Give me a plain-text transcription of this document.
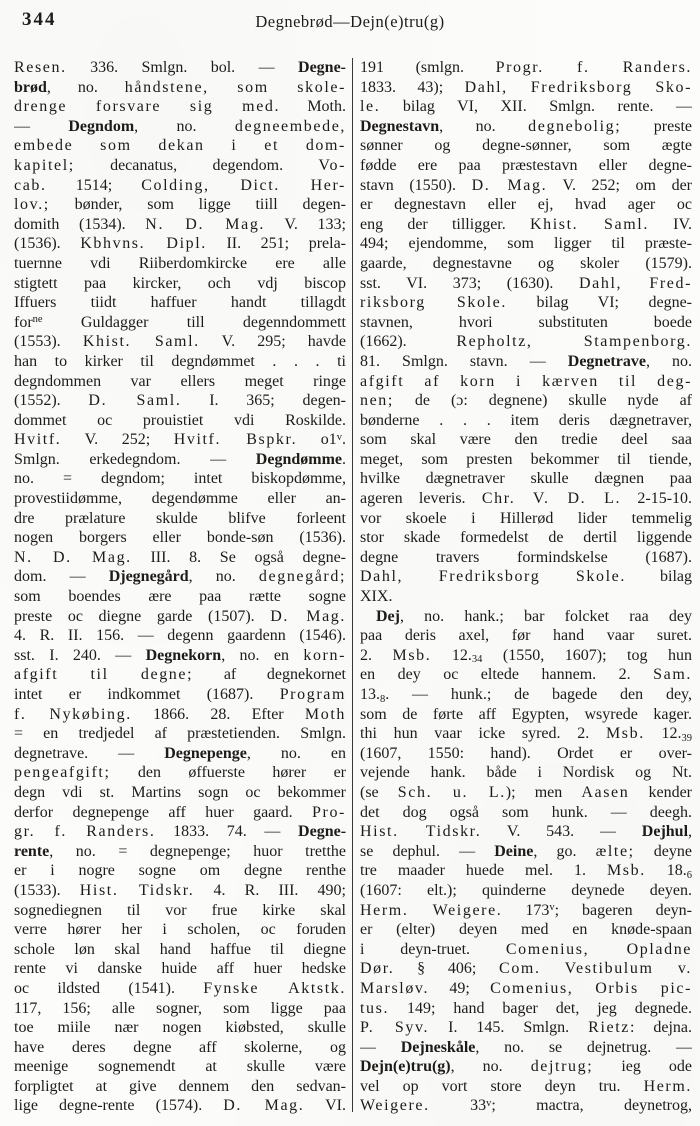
344	Degnebrød—Dejn(e)tru(g)
Resen. 336. Smlgn. bol. — Degne-
brød, no. håndstene, som skole-
drenge forsvare sig med. Moth.
— Degndom, no. degneembede,
embede som dekan i et dom-
kapitel; decanatus, degendom. Vo-
cab. 1514; Colding, Dict. Her-
lov.; bønder, som ligge tiill degen-
domith (1534). N. D. Mag. V. 133;
(1536). Kbhvns. Dipl. II. 251; prela-
tuernne vdi Riiberdomkircke ere alle
stigtett paa kircker, och vdj biscop
Iffuers tiidt haffuer handt tillagdt
for$^{ne}$ Guldagger till degenndommett
(1553). Khist. Saml. V. 295; havde
han to kirker til degndømmet . . . ti
degndommen var ellers meget ringe
(1552). D. Saml. I. 365; degen-
dommet oc prouistiet vdi Roskilde.
Hvitf. V. 252; Hvitf. Bspkr. o1$^v$.
Smlgn. erkedegndom. — Degndømme.
no. = degndom; intet biskopdømme,
provestiidømme, degendømme eller an-
dre prælature skulde blifve forleent
nogen borgers eller bonde-søn (1536).
N. D. Mag. III. 8. Se også degne-
dom. — Djegnegård, no. degnegård;
som boendes ære paa rætte sogne
preste oc diegne garde (1507). D. Mag.
4. R. II. 156. — degenn gaardenn (1546).
sst. I. 240. — Degnekorn, no. en korn-
afgift til degne; af degnekornet
intet er indkommet (1687). Program
f. Nykøbing. 1866. 28. Efter Moth
= en tredjedel af præstetienden. Smlgn.
degnetrave. — Degnepenge, no. en
pengeafgift; den øffuerste hører er
degn vdi st. Martins sogn oc bekommer
derfor degnepenge aff huer gaard. Pro-
gr. f. Randers. 1833. 74. — Degne-
rente, no. = degnepenge; huor tretthe
er i nogre sogne om degne renthe
(1533). Hist. Tidskr. 4. R. III. 490;
sognediegnen til vor frue kirke skal
verre hører her i scholen, oc foruden
schole løn skal hand haffue til diegne
rente vi danske huide aff huer hedske
oc ildsted (1541). Fynske Aktstk.
117, 156; alle sogner, som ligge paa
toe miile nær nogen kiøbsted, skulle
have deres degne aff skolerne, og
meenige sognemendt at skulle være
forpligtet at give dennem den sedvan-
lige degne-rente (1574). D. Mag. VI.
191 (smlgn. Progr. f. Randers.
1833. 43); Dahl, Fredriksborg Sko-
le. bilag VI, XII. Smlgn. rente. —
Degnestavn, no. degnebolig; preste
sønner og degne-sønner, som ægte
fødde ere paa præstestavn eller degne-
stavn (1550). D. Mag. V. 252; om der
er degnestavn eller ej, hvad ager oc
eng der tilligger. Khist. Saml. IV.
494; ejendomme, som ligger til præste-
gaarde, degnestavne og skoler (1579).
sst. VI. 373; (1630). Dahl, Fred-
riksborg Skole. bilag VI; degne-
stavnen, hvori substituten boede
(1662). Repholtz, Stampenborg.
81. Smlgn. stavn. — Degnetrave, no.
afgift af korn i kærven til deg-
nen; de (ɔ: degnene) skulle nyde af
bønderne . . . item deris dægnetraver,
som skal være den tredie deel saa
meget, som presten bekommer til tiende,
hvilke dægnetraver skulle dægnen paa
ageren leveris. Chr. V. D. L. 2-15-10.
vor skoele i Hillerød lider temmelig
stor skade formedelst de dertil liggende
degne travers formindskelse (1687).
Dahl, Fredriksborg Skole. bilag
XIX.
 Dej, no. hank.; bar folcket raa dey
paa deris axel, før hand vaar suret.
2. Msb. 12.34 (1550, 1607); tog hun
en dey oc eltede hannem. 2. Sam.
13.8. — hunk.; de bagede den dey,
som de førte aff Egypten, wsyrede kager.
thi hun vaar icke syred. 2. Msb. 12.39
(1607, 1550: hand). Ordet er over-
vejende hank. både i Nordisk og Nt.
(se Sch. u. L.); men Aasen kender
det dog også som hunk. — deegh.
Hist. Tidskr. V. 543. — Dejhul,
se dephul. — Deine, go. ælte; deyne
tre maader huede mel. 1. Msb. 18.6
(1607: elt.); quinderne deynede deyen.
Herm. Weigere. 173$^v$; bageren deyn-
er (elter) deyen med en knøde-spaan
i deyn-truet. Comenius, Opladne
Dør. § 406; Com. Vestibulum v.
Marsløv. 49; Comenius, Orbis pic-
tus. 149; hand bager det, jeg degnede.
P. Syv. I. 145. Smlgn. Rietz: dejna.
— Dejneskåle, no. se dejnetrug. —
Dejn(e)tru(g), no. dejtrug; ieg ode
vel op vort store deyn tru. Herm.
Weigere. 33$^v$; mactra, deynetrog,
